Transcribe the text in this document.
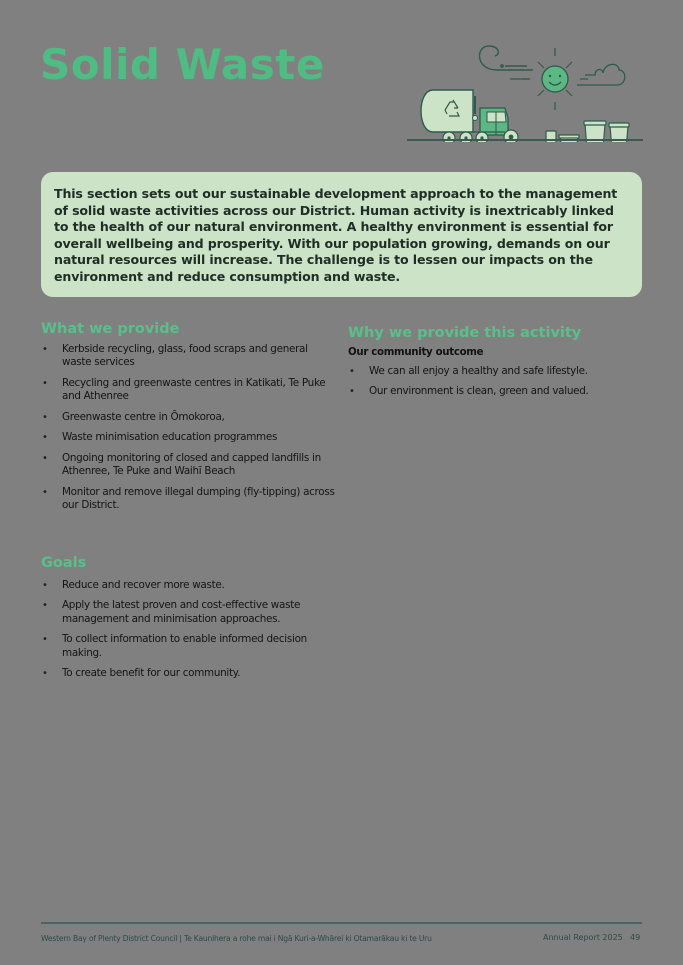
Solid Waste

This section sets out our sustainable development approach to the management of solid waste activities across our District. Human activity is inextricably linked to the health of our natural environment. A healthy environment is essential for overall wellbeing and prosperity. With our population growing, demands on our natural resources will increase. The challenge is to lessen our impacts on the environment and reduce consumption and waste.

What we provide
• Kerbside recycling, glass, food scraps and general waste services
• Recycling and greenwaste centres in Katikati, Te Puke and Athenree
• Greenwaste centre in Ōmokoroa,
• Waste minimisation education programmes
• Ongoing monitoring of closed and capped landfills in Athenree, Te Puke and Waihī Beach
• Monitor and remove illegal dumping (fly-tipping) across our District.
Why we provide this activity
Our community outcome
• We can all enjoy a healthy and safe lifestyle.
• Our environment is clean, green and valued.
Goals
• Reduce and recover more waste.
• Apply the latest proven and cost-effective waste management and minimisation approaches.
• To collect information to enable informed decision making.
• To create benefit for our community.
Western Bay of Plenty District Council | Te Kaunihera a rohe mai i Ngā Kuri-a-Whārei ki Otamarākau ki te Uru	Annual Report 2025 49
